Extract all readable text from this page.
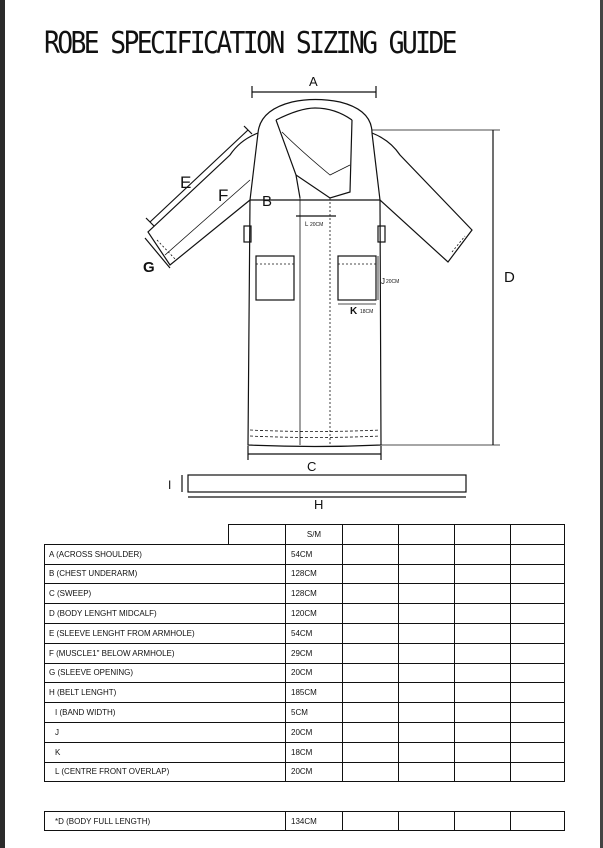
ROBE SPECIFICATION SIZING GUIDE
A
B
C
D
E
F
G
L 20CM
J 20CM
K 18CM
I
H
		S/M				
A (ACROSS SHOULDER)		54CM				
B (CHEST UNDERARM)		128CM				
C (SWEEP)		128CM				
D (BODY LENGHT MIDCALF)		120CM				
E (SLEEVE LENGHT FROM ARMHOLE)		54CM				
F (MUSCLE1" BELOW ARMHOLE)		29CM				
G (SLEEVE OPENING)		20CM				
H (BELT LENGHT)		185CM				
I (BAND WIDTH)		5CM				
J		20CM				
K		18CM				
L (CENTRE FRONT OVERLAP)		20CM				
*D (BODY FULL LENGTH)	134CM				
